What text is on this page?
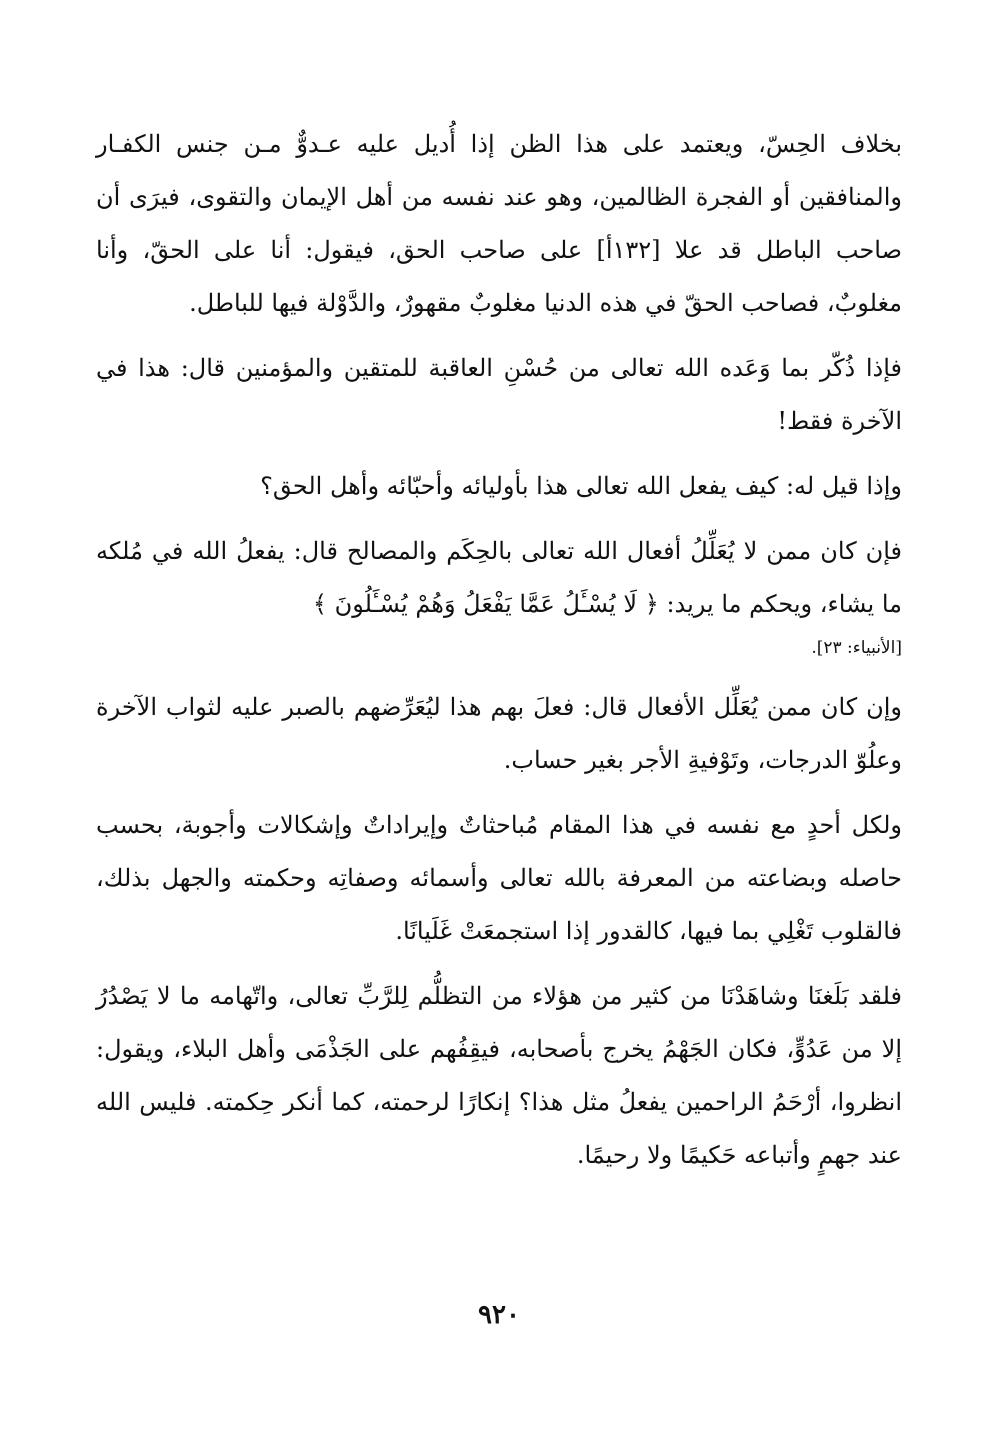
بخلاف الحِسّ، ويعتمد على هذا الظن إذا أُديل عليه عـدوٌّ مـن جنس الكفـار والمنافقين أو الفجرة الظالمين، وهو عند نفسه من أهل الإيمان والتقوى، فيرَى أن صاحب الباطل قد علا [١٣٢أ] على صاحب الحق، فيقول: أنا على الحقّ، وأنا مغلوبٌ، فصاحب الحقّ في هذه الدنيا مغلوبٌ مقهورٌ، والدَّوْلة فيها للباطل.

فإذا ذُكّر بما وَعَده الله تعالى من حُسْنِ العاقبة للمتقين والمؤمنين قال: هذا في الآخرة فقط!

وإذا قيل له: كيف يفعل الله تعالى هذا بأوليائه وأحبّائه وأهل الحق؟

فإن كان ممن لا يُعَلِّلُ أفعال الله تعالى بالحِكَم والمصالح قال: يفعلُ الله في مُلكه ما يشاء، ويحكم ما يريد: ﴿ لَا يُسْـَٔلُ عَمَّا يَفْعَلُ وَهُمْ يُسْـَٔلُونَ ﴾

[الأنبياء: ٢٣].

وإن كان ممن يُعَلِّل الأفعال قال: فعلَ بهم هذا ليُعَرِّضهم بالصبر عليه لثواب الآخرة وعلُوّ الدرجات، وتَوْفيةِ الأجر بغير حساب.

ولكل أحدٍ مع نفسه في هذا المقام مُباحثاتٌ وإيراداتٌ وإشكالات وأجوبة، بحسب حاصله وبضاعته من المعرفة بالله تعالى وأسمائه وصفاتِه وحكمته والجهل بذلك، فالقلوب تَغْلِي بما فيها، كالقدور إذا استجمعَتْ غَلَيانًا.

فلقد بَلَغنَا وشاهَدْنَا من كثير من هؤلاء من التظلُّم لِلرَّبِّ تعالى، واتّهامه ما لا يَصْدُرُ إلا من عَدُوٍّ، فكان الجَهْمُ يخرج بأصحابه، فيقِفُهم على الجَذْمَى وأهل البلاء، ويقول: انظروا، أرْحَمُ الراحمين يفعلُ مثل هذا؟ إنكارًا لرحمته، كما أنكر حِكمته. فليس الله عند جهمٍ وأتباعه حَكيمًا ولا رحيمًا.

٩٢٠
